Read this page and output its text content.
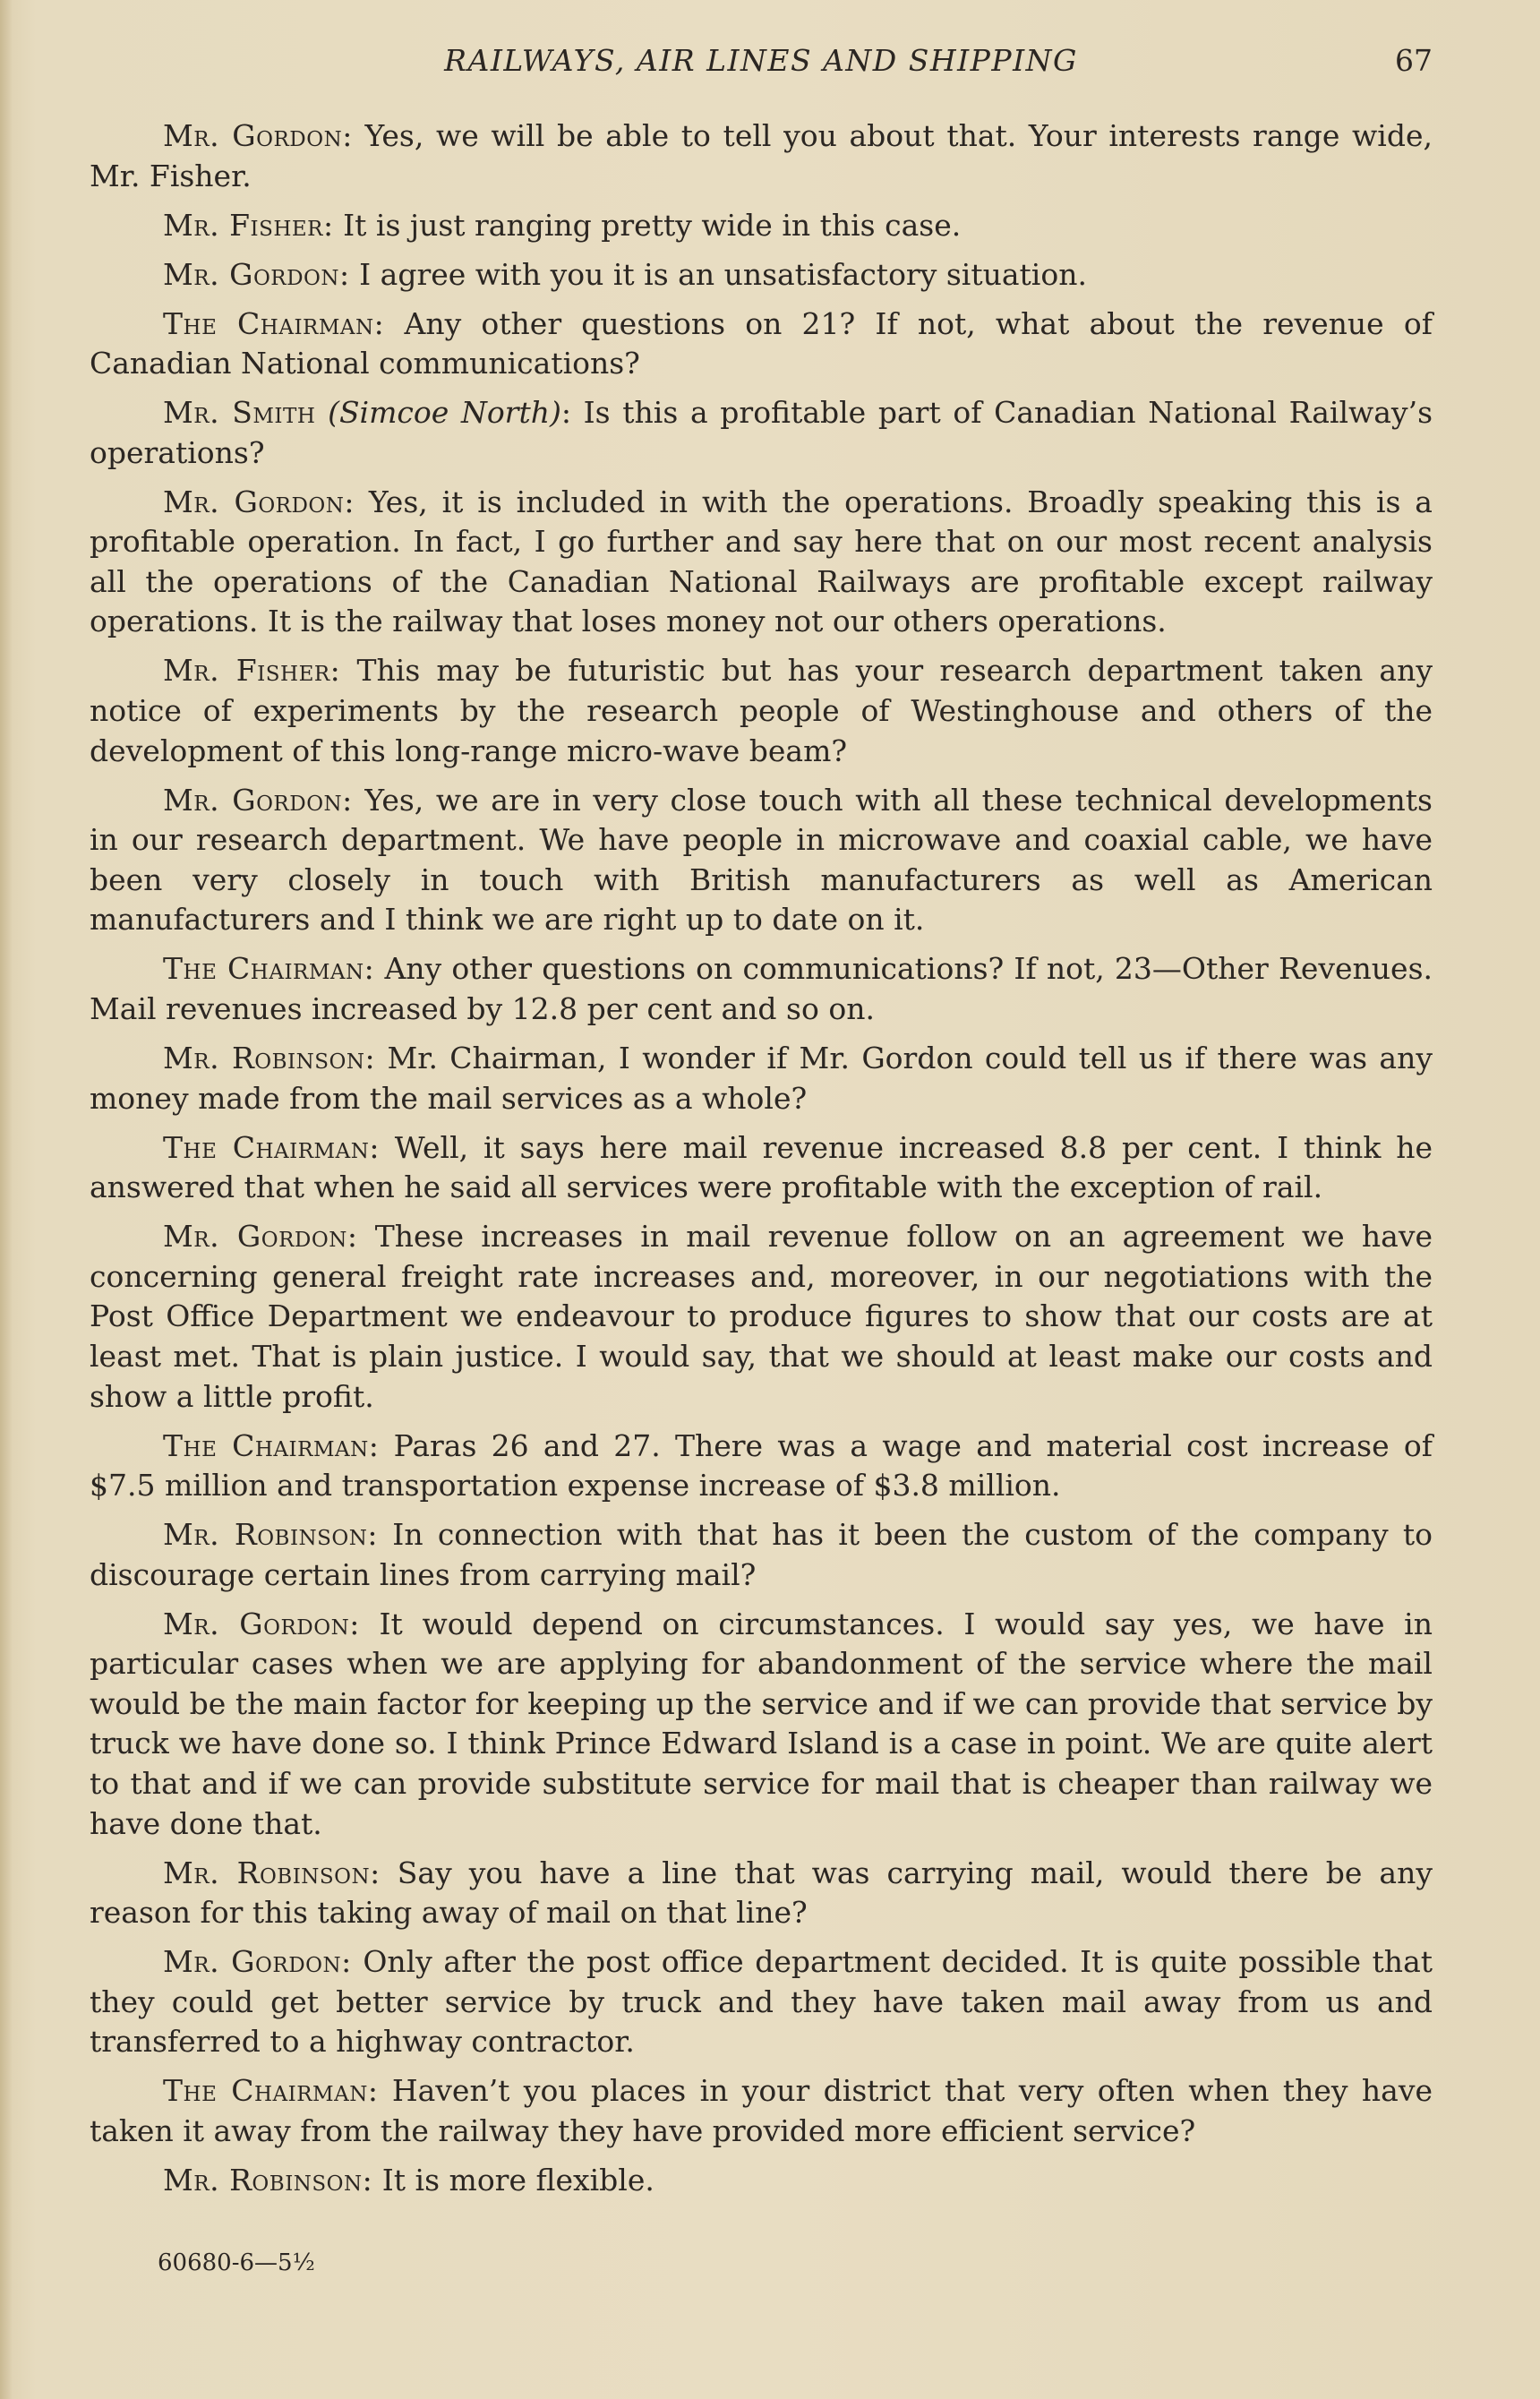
RAILWAYS, AIR LINES AND SHIPPING	67

Mr. Gordon: Yes, we will be able to tell you about that. Your interests range wide, Mr. Fisher.

Mr. Fisher: It is just ranging pretty wide in this case.

Mr. Gordon: I agree with you it is an unsatisfactory situation.

The Chairman: Any other questions on 21? If not, what about the revenue of Canadian National communications?

Mr. Smith (Simcoe North): Is this a profitable part of Canadian National Railway’s operations?

Mr. Gordon: Yes, it is included in with the operations. Broadly speaking this is a profitable operation. In fact, I go further and say here that on our most recent analysis all the operations of the Canadian National Railways are profitable except railway operations. It is the railway that loses money not our others operations.

Mr. Fisher: This may be futuristic but has your research department taken any notice of experiments by the research people of Westinghouse and others of the development of this long-range micro-wave beam?

Mr. Gordon: Yes, we are in very close touch with all these technical developments in our research department. We have people in microwave and coaxial cable, we have been very closely in touch with British manufacturers as well as American manufacturers and I think we are right up to date on it.

The Chairman: Any other questions on communications? If not, 23—Other Revenues. Mail revenues increased by 12.8 per cent and so on.

Mr. Robinson: Mr. Chairman, I wonder if Mr. Gordon could tell us if there was any money made from the mail services as a whole?

The Chairman: Well, it says here mail revenue increased 8.8 per cent. I think he answered that when he said all services were profitable with the exception of rail.

Mr. Gordon: These increases in mail revenue follow on an agreement we have concerning general freight rate increases and, moreover, in our negotiations with the Post Office Department we endeavour to produce figures to show that our costs are at least met. That is plain justice. I would say, that we should at least make our costs and show a little profit.

The Chairman: Paras 26 and 27. There was a wage and material cost increase of $7.5 million and transportation expense increase of $3.8 million.

Mr. Robinson: In connection with that has it been the custom of the company to discourage certain lines from carrying mail?

Mr. Gordon: It would depend on circumstances. I would say yes, we have in particular cases when we are applying for abandonment of the service where the mail would be the main factor for keeping up the service and if we can provide that service by truck we have done so. I think Prince Edward Island is a case in point. We are quite alert to that and if we can provide substitute service for mail that is cheaper than railway we have done that.

Mr. Robinson: Say you have a line that was carrying mail, would there be any reason for this taking away of mail on that line?

Mr. Gordon: Only after the post office department decided. It is quite possible that they could get better service by truck and they have taken mail away from us and transferred to a highway contractor.

The Chairman: Haven’t you places in your district that very often when they have taken it away from the railway they have provided more efficient service?

Mr. Robinson: It is more flexible.

60680-6—5½
